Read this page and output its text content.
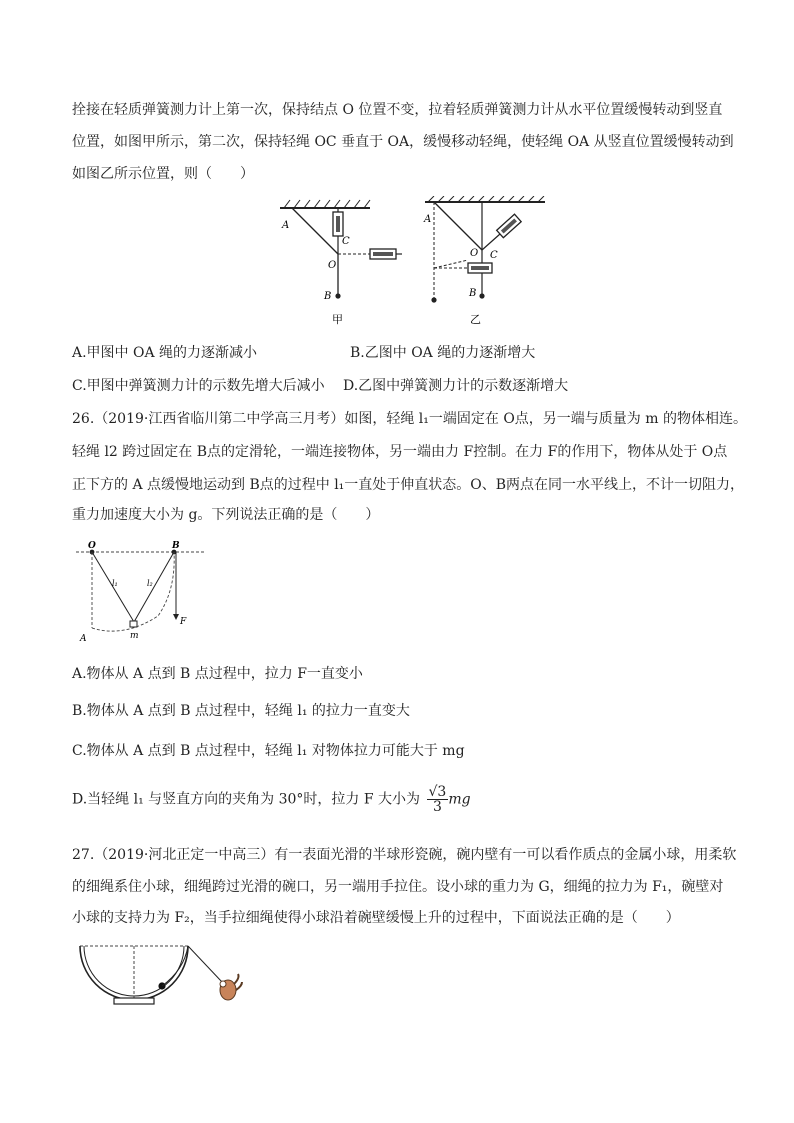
拴接在轻质弹簧测力计上第一次，保持结点 O 位置不变，拉着轻质弹簧测力计从水平位置缓慢转动到竖直
位置，如图甲所示，第二次，保持轻绳 OC 垂直于 OA，缓慢移动轻绳，使轻绳 OA 从竖直位置缓慢转动到
如图乙所示位置，则（　　）
A
C
O
B
甲
A
O C
B
乙
A.甲图中 OA 绳的力逐渐减小	B.乙图中 OA 绳的力逐渐增大
C.甲图中弹簧测力计的示数先增大后减小 D.乙图中弹簧测力计的示数逐渐增大
26.（2019·江西省临川第二中学高三月考）如图，轻绳 l₁一端固定在 O点，另一端与质量为 m 的物体相连。
轻绳 l2 跨过固定在 B点的定滑轮，一端连接物体，另一端由力 F控制。在力 F的作用下，物体从处于 O点
正下方的 A 点缓慢地运动到 B点的过程中 l₁一直处于伸直状态。O、B两点在同一水平线上，不计一切阻力，
重力加速度大小为 g。下列说法正确的是（　　）
O	B
l₁	l₂
A	m
F
A.物体从 A 点到 B 点过程中，拉力 F一直变小
B.物体从 A 点到 B 点过程中，轻绳 l₁ 的拉力一直变大
C.物体从 A 点到 B 点过程中，轻绳 l₁ 对物体拉力可能大于 mg
D.当轻绳 l₁ 与竖直方向的夹角为 30°时，拉力 F 大小为 $\frac{√3}{3}$ mg
27.（2019·河北正定一中高三）有一表面光滑的半球形瓷碗，碗内壁有一可以看作质点的金属小球，用柔软
的细绳系住小球，细绳跨过光滑的碗口，另一端用手拉住。设小球的重力为 G，细绳的拉力为 F₁，碗壁对
小球的支持力为 F₂，当手拉细绳使得小球沿着碗壁缓慢上升的过程中，下面说法正确的是（　　）
